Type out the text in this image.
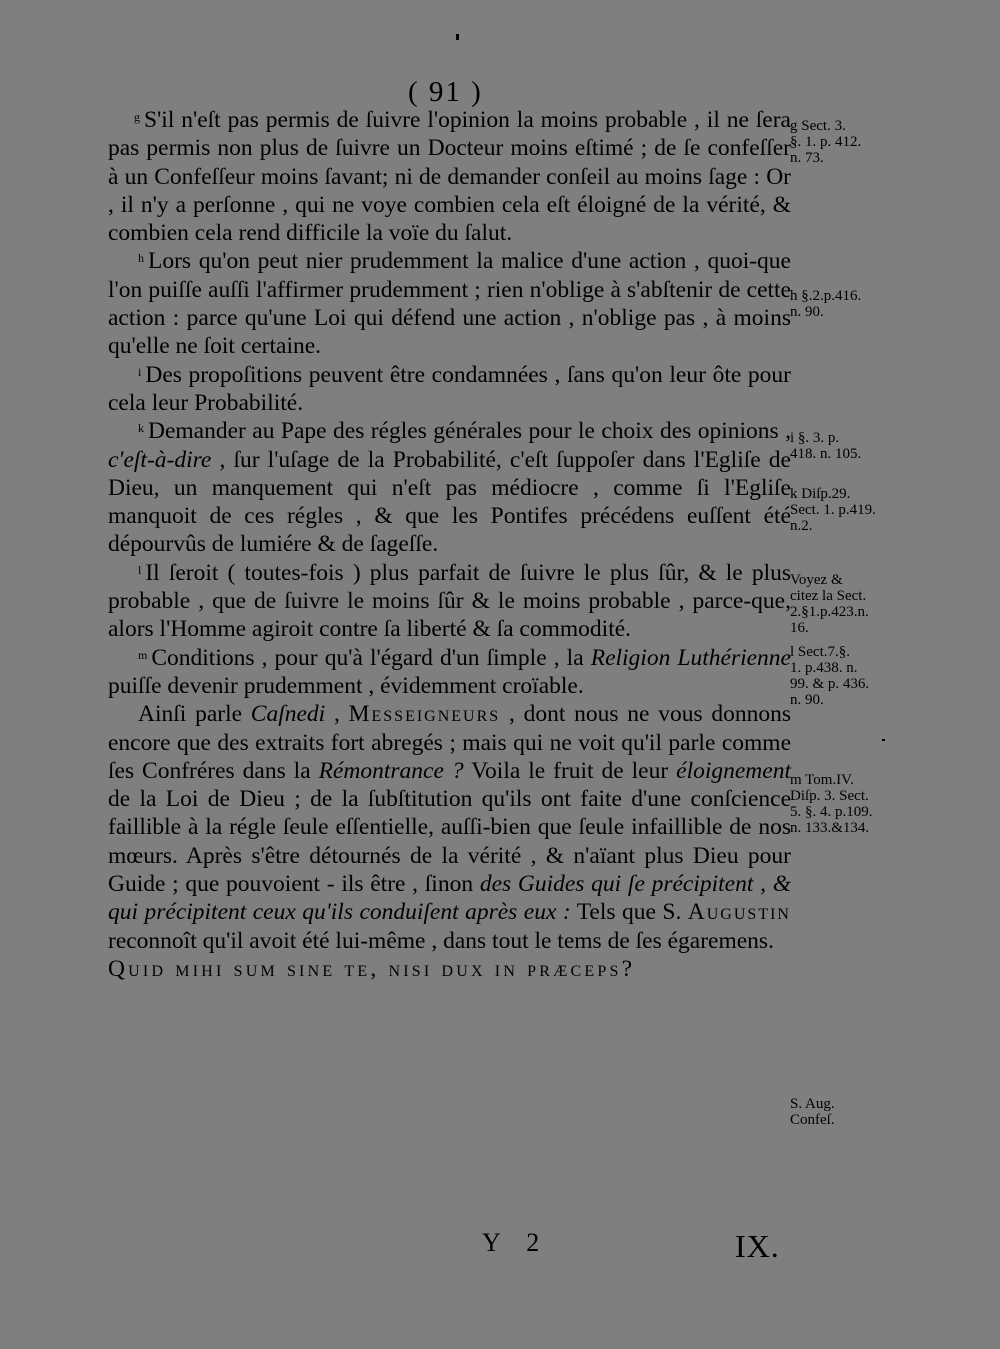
( 91 )

$^g$ S'il n'eſt pas permis de ſuivre l'opinion la moins probable , il ne ſera pas permis non plus de ſuivre un Docteur moins eſtimé ; de ſe confeſſer à un Confeſſeur moins ſavant; ni de demander conſeil au moins ſage : Or , il n'y a perſonne , qui ne voye combien cela eſt éloigné de la vérité, & combien cela rend difficile la voïe du ſalut.

$^h$ Lors qu'on peut nier prudemment la malice d'une action , quoi-que l'on puiſſe auſſi l'affirmer prudemment ; rien n'oblige à s'abſtenir de cette action : parce qu'une Loi qui défend une action , n'oblige pas , à moins qu'elle ne ſoit certaine.

$^i$ Des propoſitions peuvent être condamnées , ſans qu'on leur ôte pour cela leur Probabilité.

$^k$ Demander au Pape des régles générales pour le choix des opinions , c'eſt-à-dire , ſur l'uſage de la Probabilité, c'eſt ſuppoſer dans l'Egliſe de Dieu, un manquement qui n'eſt pas médiocre , comme ſi l'Egliſe manquoit de ces régles , & que les Pontifes précédens euſſent été dépourvûs de lumiére & de ſageſſe.

$^l$ Il ſeroit ( toutes-fois ) plus parfait de ſuivre le plus ſûr, & le plus probable , que de ſuivre le moins ſûr & le moins probable , parce-que, alors l'Homme agiroit contre ſa liberté & ſa commodité.

$^m$ Conditions , pour qu'à l'égard d'un ſimple , la Religion Luthérienne puiſſe devenir prudemment , évidemment croïable.

Ainſi parle Caſnedi , Messeigneurs , dont nous ne vous donnons encore que des extraits fort abregés ; mais qui ne voit qu'il parle comme ſes Confréres dans la Rémontrance ? Voila le fruit de leur éloignement de la Loi de Dieu ; de la ſubſtitution qu'ils ont faite d'une conſcience faillible à la régle ſeule eſſentielle, auſſi-bien que ſeule infaillible de nos mœurs. Après s'être détournés de la vérité , & n'aïant plus Dieu pour Guide ; que pouvoient - ils être , ſinon des Guides qui ſe précipitent , & qui précipitent ceux qu'ils conduiſent après eux : Tels que S. Augustin reconnoît qu'il avoit été lui-même , dans tout le tems de ſes égaremens.

Quid mihi sum sine te, nisi dux in præceps?
g Sect. 3.
§. 1. p. 412.
n. 73.
h §.2.p.416.
n. 90.
i §. 3. p.
418. n. 105.
k Diſp.29.
Sect. 1. p.419.
n.2.
Voyez &
citez la Sect.
2.§1.p.423.n.
16.
l Sect.7.§.
1. p.438. n.
99. & p. 436.
n. 90.
m Tom.IV.
Diſp. 3. Sect.
5. §. 4. p.109.
n. 133.&134.
S. Aug.
Confeſ.
Y 2	IX.
